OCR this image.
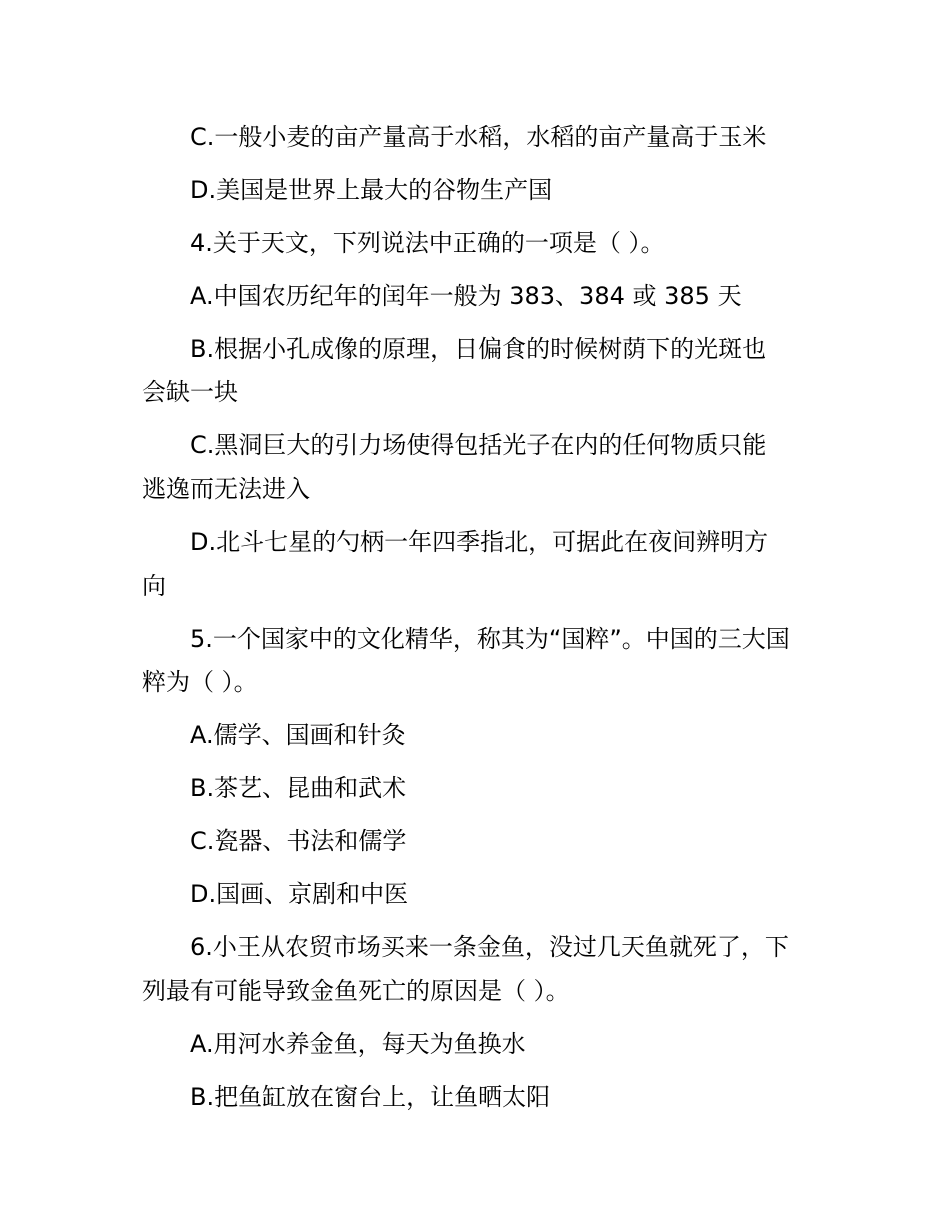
C.一般小麦的亩产量高于水稻，水稻的亩产量高于玉米
D.美国是世界上最大的谷物生产国
4.关于天文，下列说法中正确的一项是（ ）。
A.中国农历纪年的闰年一般为 383、384 或 385 天
B.根据小孔成像的原理，日偏食的时候树荫下的光斑也
会缺一块
C.黑洞巨大的引力场使得包括光子在内的任何物质只能
逃逸而无法进入
D.北斗七星的勺柄一年四季指北，可据此在夜间辨明方
向
5.一个国家中的文化精华，称其为“国粹”。中国的三大国
粹为（ ）。
A.儒学、国画和针灸
B.茶艺、昆曲和武术
C.瓷器、书法和儒学
D.国画、京剧和中医
6.小王从农贸市场买来一条金鱼，没过几天鱼就死了，下
列最有可能导致金鱼死亡的原因是（ ）。
A.用河水养金鱼，每天为鱼换水
B.把鱼缸放在窗台上，让鱼晒太阳
